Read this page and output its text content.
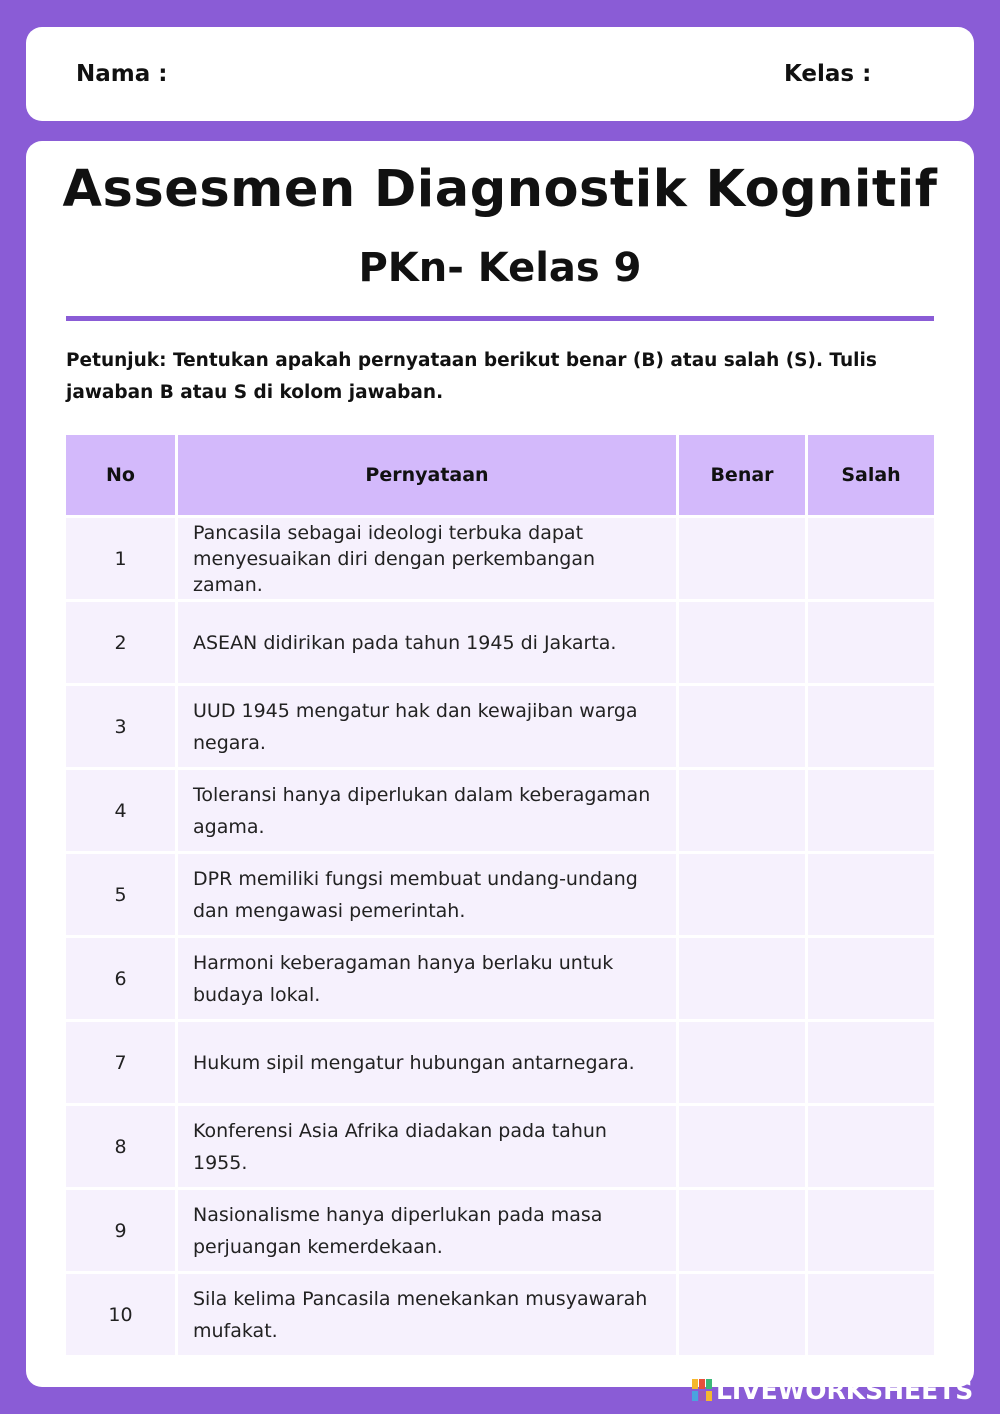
Nama :	Kelas :
Assesmen Diagnostik Kognitif
PKn- Kelas 9
Petunjuk: Tentukan apakah pernyataan berikut benar (B) atau salah (S). Tulis jawaban B atau S di kolom jawaban.
No	Pernyataan	Benar	Salah
1	Pancasila sebagai ideologi terbuka dapat menyesuaikan diri dengan perkembangan zaman.		
2	ASEAN didirikan pada tahun 1945 di Jakarta.		
3	UUD 1945 mengatur hak dan kewajiban warga negara.		
4	Toleransi hanya diperlukan dalam keberagaman agama.		
5	DPR memiliki fungsi membuat undang-undang dan mengawasi pemerintah.		
6	Harmoni keberagaman hanya berlaku untuk budaya lokal.		
7	Hukum sipil mengatur hubungan antarnegara.		
8	Konferensi Asia Afrika diadakan pada tahun 1955.		
9	Nasionalisme hanya diperlukan pada masa perjuangan kemerdekaan.		
10	Sila kelima Pancasila menekankan musyawarah mufakat.		
LIVEWORKSHEETS
